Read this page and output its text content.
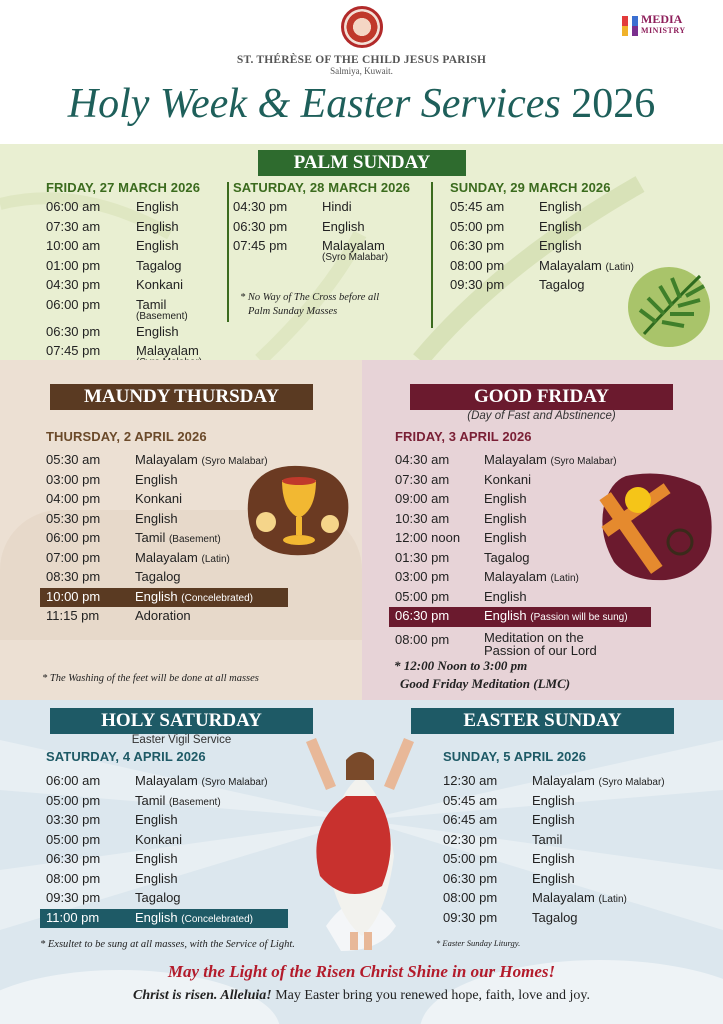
MEDIA
MINISTRY
ST. THÉRÈSE OF THE CHILD JESUS PARISH
Salmiya, Kuwait.
Holy Week & Easter Services 2026
PALM SUNDAY
FRIDAY, 27 MARCH 2026
06:00 am	English
07:30 am	English
10:00 am	English
01:00 pm	Tagalog
04:30 pm	Konkani
06:00 pm	Tamil
(Basement)
06:30 pm	English
07:45 pm	Malayalam
SATURDAY, 28 MARCH 2026
04:30 pm	Hindi
06:30 pm	English
07:45 pm	Malayalam
(Syro Malabar)
* No Way of The Cross before all
Palm Sunday Masses
SUNDAY, 29 MARCH 2026
05:45 am	English
05:00 pm	English
06:30 pm	English
08:00 pm	Malayalam (Latin)
09:30 pm	Tagalog
MAUNDY THURSDAY
THURSDAY, 2 APRIL 2026
05:30 am	Malayalam (Syro Malabar)
03:00 pm	English
04:00 pm	Konkani
05:30 pm	English
06:00 pm	Tamil (Basement)
07:00 pm	Malayalam (Latin)
08:30 pm	Tagalog
10:00 pm	English (Concelebrated)
11:15 pm	Adoration
* The Washing of the feet will be done at all masses
GOOD FRIDAY
(Day of Fast and Abstinence)
FRIDAY, 3 APRIL 2026
04:30 am	Malayalam (Syro Malabar)
07:30 am	Konkani
09:00 am	English
10:30 am	English
12:00 noon English
01:30 pm	Tagalog
03:00 pm	Malayalam (Latin)
05:00 pm	English
06:30 pm	English (Passion will be sung)
08:00 pm	Meditation on the
Passion of our Lord
* 12:00 Noon to 3:00 pm
Good Friday Meditation (LMC)
HOLY SATURDAY
Easter Vigil Service
SATURDAY, 4 APRIL 2026
06:00 am	Malayalam (Syro Malabar)
05:00 pm	Tamil (Basement)
03:30 pm	English
05:00 pm	Konkani
06:30 pm	English
08:00 pm	English
09:30 pm	Tagalog
11:00 pm	English (Concelebrated)
* Exsultet to be sung at all masses, with the Service of Light.
EASTER SUNDAY
SUNDAY, 5 APRIL 2026
12:30 am	Malayalam (Syro Malabar)
05:45 am	English
06:45 am	English
02:30 pm	Tamil
05:00 pm	English
06:30 pm	English
08:00 pm	Malayalam (Latin)
09:30 pm	Tagalog
* Easter Sunday Liturgy.
May the Light of the Risen Christ Shine in our Homes!
Christ is risen. Alleluia! May Easter bring you renewed hope, faith, love and joy.
